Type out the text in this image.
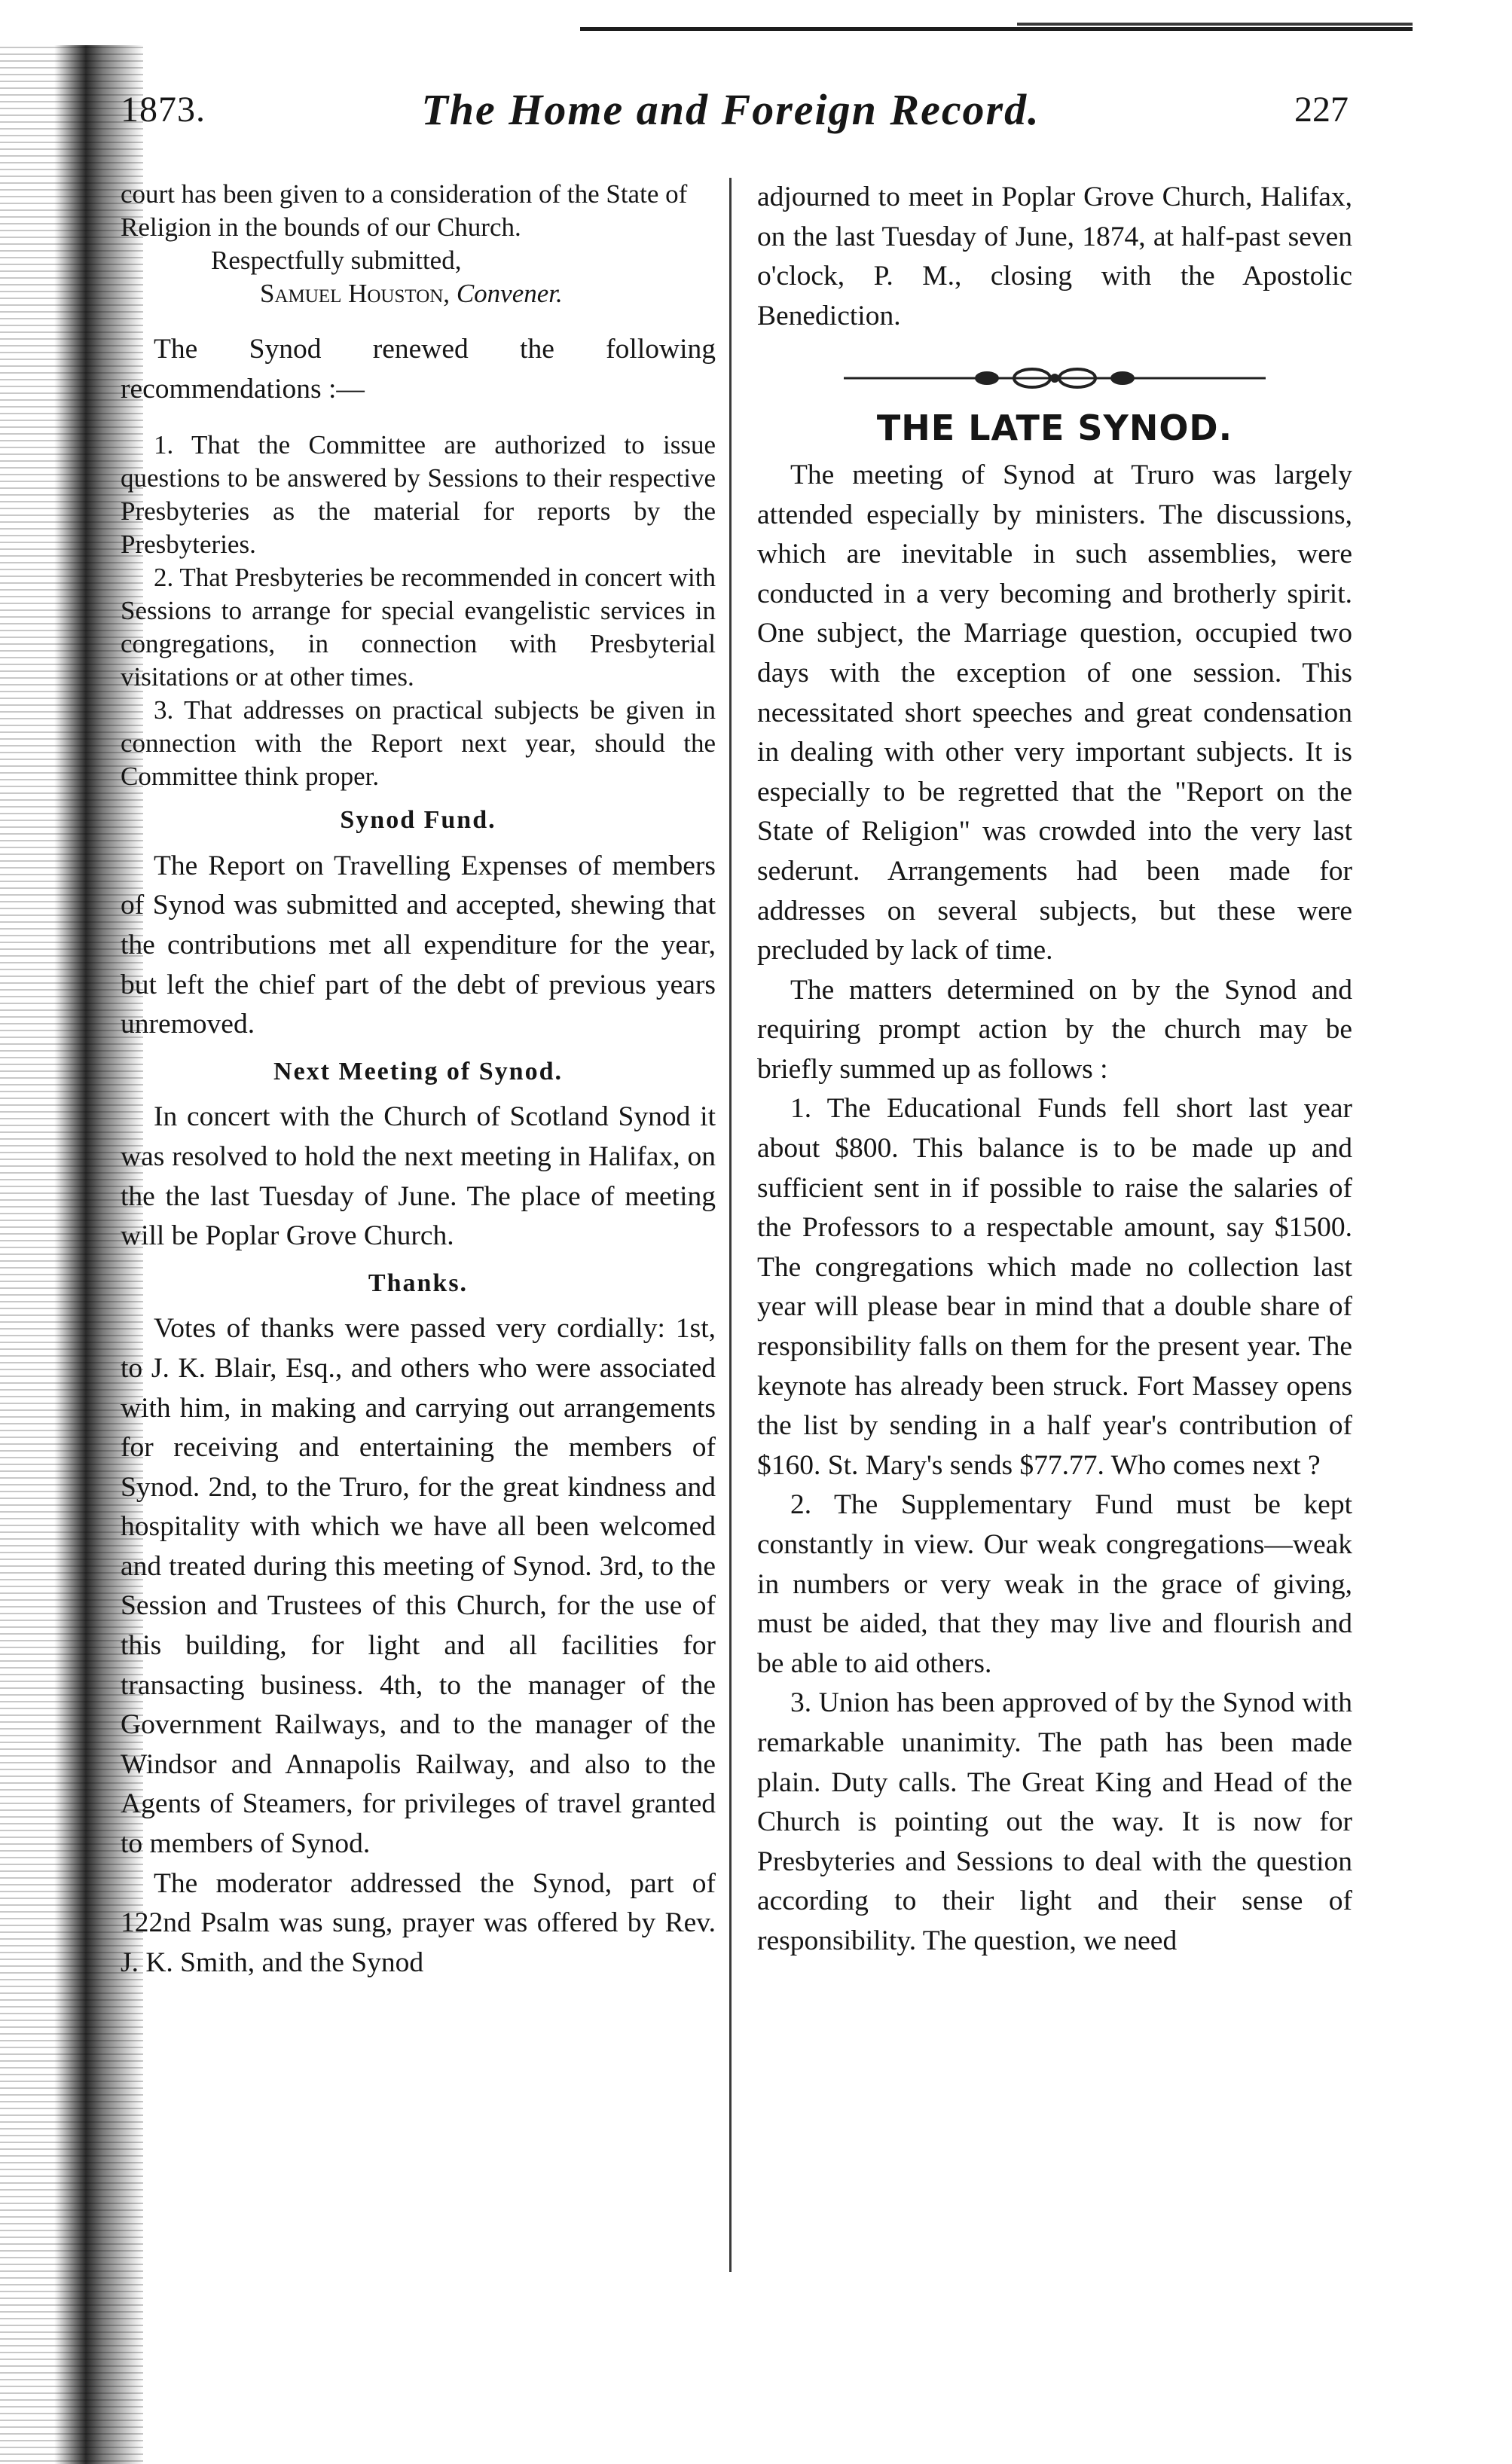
1873.	The Home and Foreign Record.	227

court has been given to a consideration of the State of Religion in the bounds of our Church.

Respectfully submitted,

Samuel Houston, Convener.

The Synod renewed the following recommendations :—

1. That the Committee are authorized to issue questions to be answered by Sessions to their respective Presbyteries as the material for reports by the Presbyteries.

2. That Presbyteries be recommended in concert with Sessions to arrange for special evangelistic services in congregations, in connection with Presbyterial visitations or at other times.

3. That addresses on practical subjects be given in connection with the Report next year, should the Committee think proper.

Synod Fund.

The Report on Travelling Expenses of members of Synod was submitted and accepted, shewing that the contributions met all expenditure for the year, but left the chief part of the debt of previous years unremoved.

Next Meeting of Synod.

In concert with the Church of Scotland Synod it was resolved to hold the next meeting in Halifax, on the the last Tuesday of June. The place of meeting will be Poplar Grove Church.

Thanks.

Votes of thanks were passed very cordially: 1st, to J. K. Blair, Esq., and others who were associated with him, in making and carrying out arrangements for receiving and entertaining the members of Synod. 2nd, to the Truro, for the great kindness and hospitality with which we have all been welcomed and treated during this meeting of Synod. 3rd, to the Session and Trustees of this Church, for the use of this building, for light and all facilities for transacting business. 4th, to the manager of the Government Railways, and to the manager of the Windsor and Annapolis Railway, and also to the Agents of Steamers, for privileges of travel granted to members of Synod.

The moderator addressed the Synod, part of 122nd Psalm was sung, prayer was offered by Rev. J. K. Smith, and the Synod

adjourned to meet in Poplar Grove Church, Halifax, on the last Tuesday of June, 1874, at half-past seven o'clock, P. M., closing with the Apostolic Benediction.

THE LATE SYNOD.

The meeting of Synod at Truro was largely attended especially by ministers. The discussions, which are inevitable in such assemblies, were conducted in a very becoming and brotherly spirit. One subject, the Marriage question, occupied two days with the exception of one session. This necessitated short speeches and great condensation in dealing with other very important subjects. It is especially to be regretted that the "Report on the State of Religion" was crowded into the very last sederunt. Arrangements had been made for addresses on several subjects, but these were precluded by lack of time.

The matters determined on by the Synod and requiring prompt action by the church may be briefly summed up as follows :

1. The Educational Funds fell short last year about $800. This balance is to be made up and sufficient sent in if possible to raise the salaries of the Professors to a respectable amount, say $1500. The congregations which made no collection last year will please bear in mind that a double share of responsibility falls on them for the present year. The keynote has already been struck. Fort Massey opens the list by sending in a half year's contribution of $160. St. Mary's sends $77.77. Who comes next ?

2. The Supplementary Fund must be kept constantly in view. Our weak congregations—weak in numbers or very weak in the grace of giving, must be aided, that they may live and flourish and be able to aid others.

3. Union has been approved of by the Synod with remarkable unanimity. The path has been made plain. Duty calls. The Great King and Head of the Church is pointing out the way. It is now for Presbyteries and Sessions to deal with the question according to their light and their sense of responsibility. The question, we need
